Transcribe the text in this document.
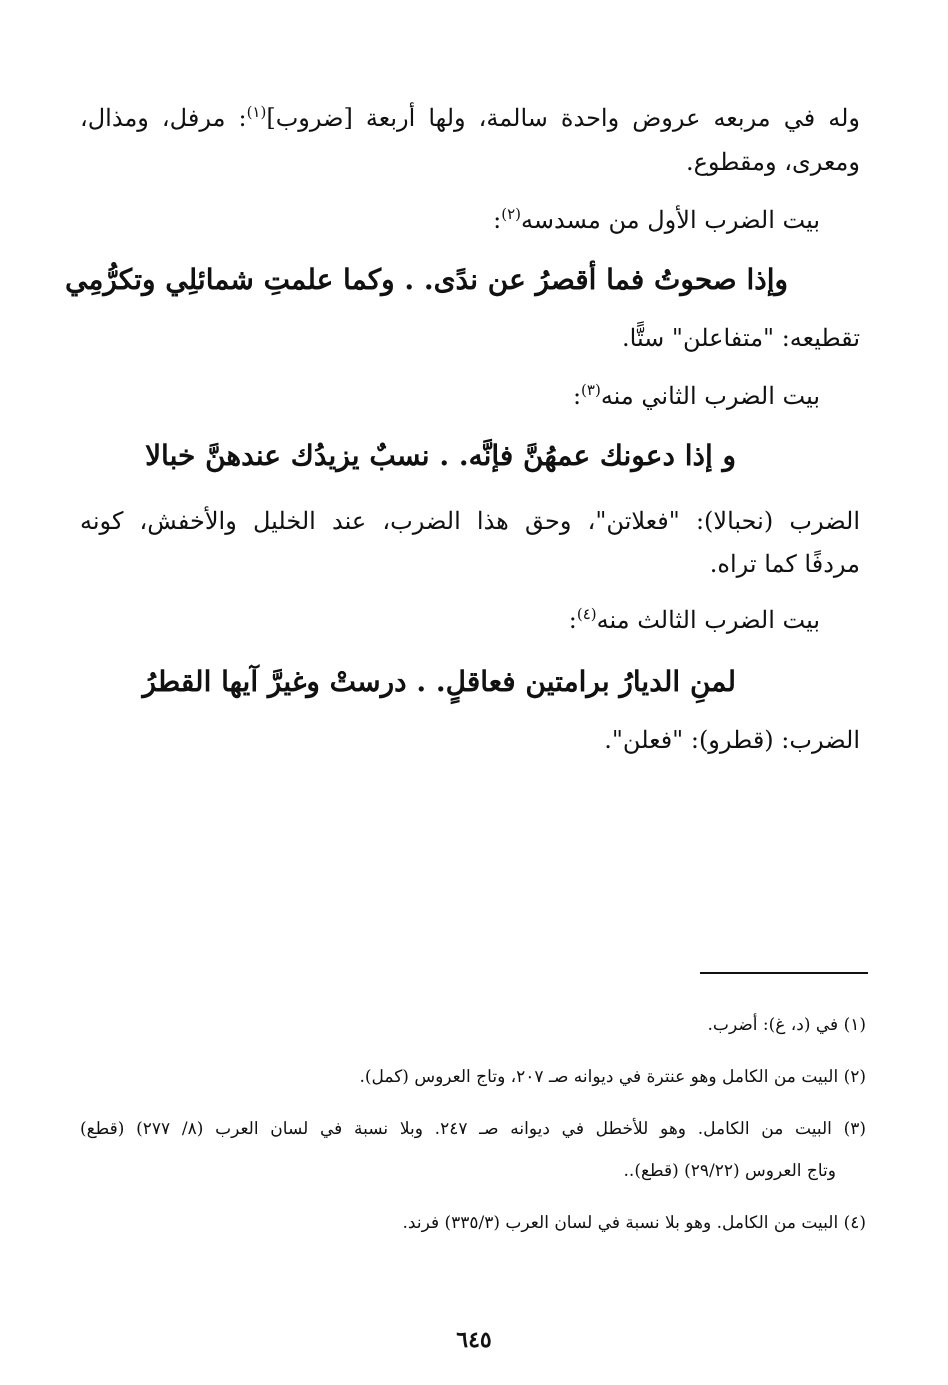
وله في مربعه عروض واحدة سالمة، ولها أربعة [ضروب]$^{(١)}$: مرفل، ومذال،
ومعرى، ومقطوع.
بيت الضرب الأول من مسدسه$^{(٢)}$:
وإذا صحوتُ فما أقصرُ عن ندًى. . وكما علمتِ شمائلِي وتكرُّمِي
تقطيعه: "متفاعلن" ستًّا.
بيت الضرب الثاني منه$^{(٣)}$:
و إذا دعونك عمهُنَّ فإنَّه. . نسبٌ يزيدُك عندهنَّ خبالا
الضرب (نحبالا): "فعلاتن"، وحق هذا الضرب، عند الخليل والأخفش، كونه
مردفًا كما تراه.
بيت الضرب الثالث منه$^{(٤)}$:
لمنِ الديارُ برامتين فعاقلٍ. . درستْ وغيرَّ آيها القطرُ
الضرب: (قطرو): "فعلن".
(١) في (د، غ): أضرب.
(٢) البيت من الكامل وهو عنترة في ديوانه صـ ٢٠٧، وتاج العروس (كمل).
(٣) البيت من الكامل. وهو للأخطل في ديوانه صـ ٢٤٧. وبلا نسبة في لسان العرب (٨/ ٢٧٧) (قطع)
وتاج العروس (٢٩/٢٢) (قطع)..
(٤) البيت من الكامل. وهو بلا نسبة في لسان العرب (٣٣٥/٣) فرند.
٦٤٥
